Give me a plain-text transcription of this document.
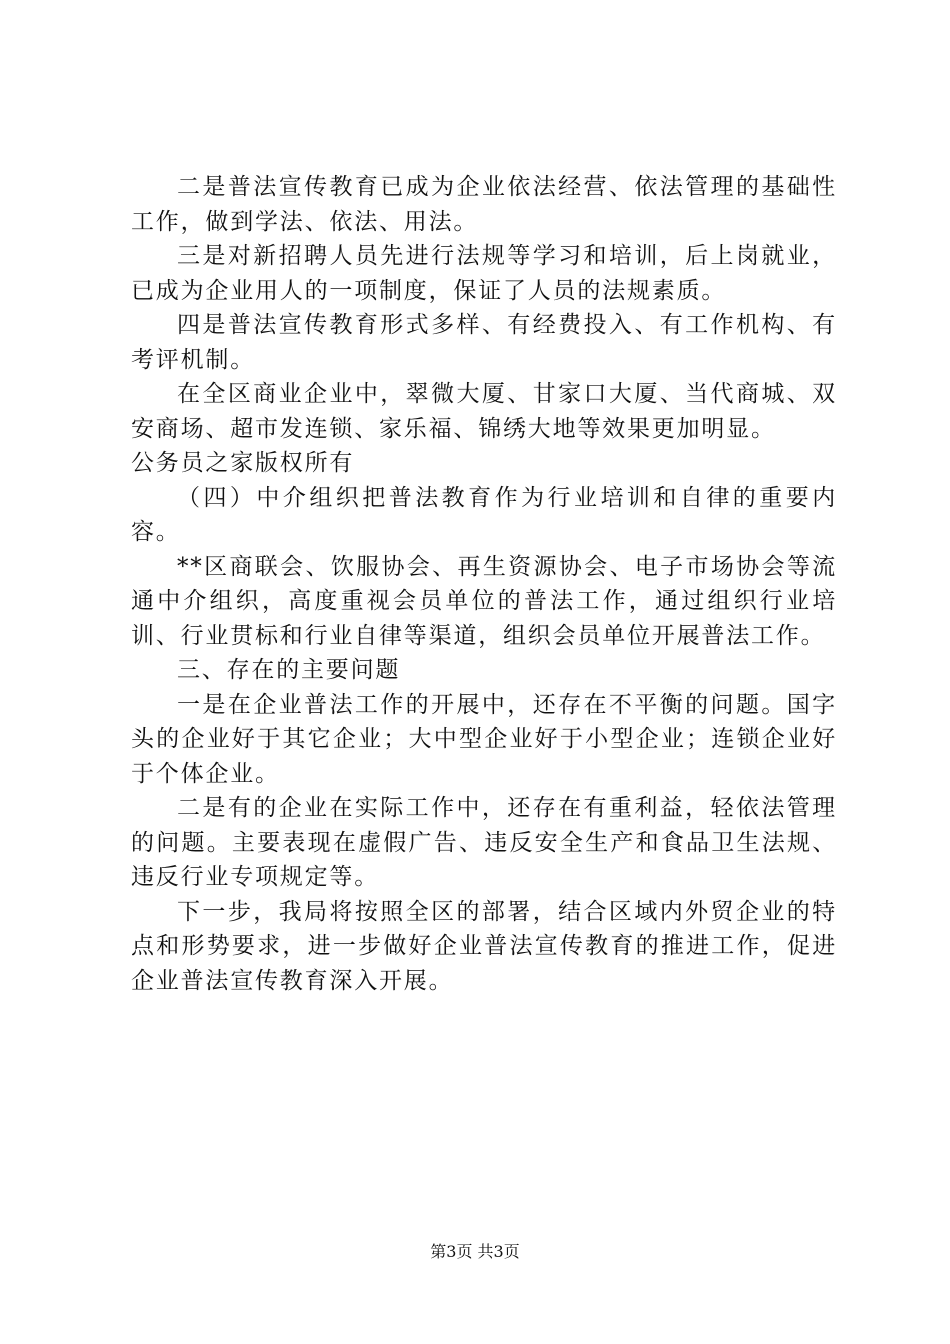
二是普法宣传教育已成为企业依法经营、依法管理的基础性工作，做到学法、依法、用法。

三是对新招聘人员先进行法规等学习和培训，后上岗就业，已成为企业用人的一项制度，保证了人员的法规素质。

四是普法宣传教育形式多样、有经费投入、有工作机构、有考评机制。

在全区商业企业中，翠微大厦、甘家口大厦、当代商城、双安商场、超市发连锁、家乐福、锦绣大地等效果更加明显。

公务员之家版权所有

（四）中介组织把普法教育作为行业培训和自律的重要内容。

**区商联会、饮服协会、再生资源协会、电子市场协会等流通中介组织，高度重视会员单位的普法工作，通过组织行业培训、行业贯标和行业自律等渠道，组织会员单位开展普法工作。

三、存在的主要问题

一是在企业普法工作的开展中，还存在不平衡的问题。国字头的企业好于其它企业；大中型企业好于小型企业；连锁企业好于个体企业。

二是有的企业在实际工作中，还存在有重利益，轻依法管理的问题。主要表现在虚假广告、违反安全生产和食品卫生法规、违反行业专项规定等。

下一步，我局将按照全区的部署，结合区域内外贸企业的特点和形势要求，进一步做好企业普法宣传教育的推进工作，促进企业普法宣传教育深入开展。

第3页 共3页
